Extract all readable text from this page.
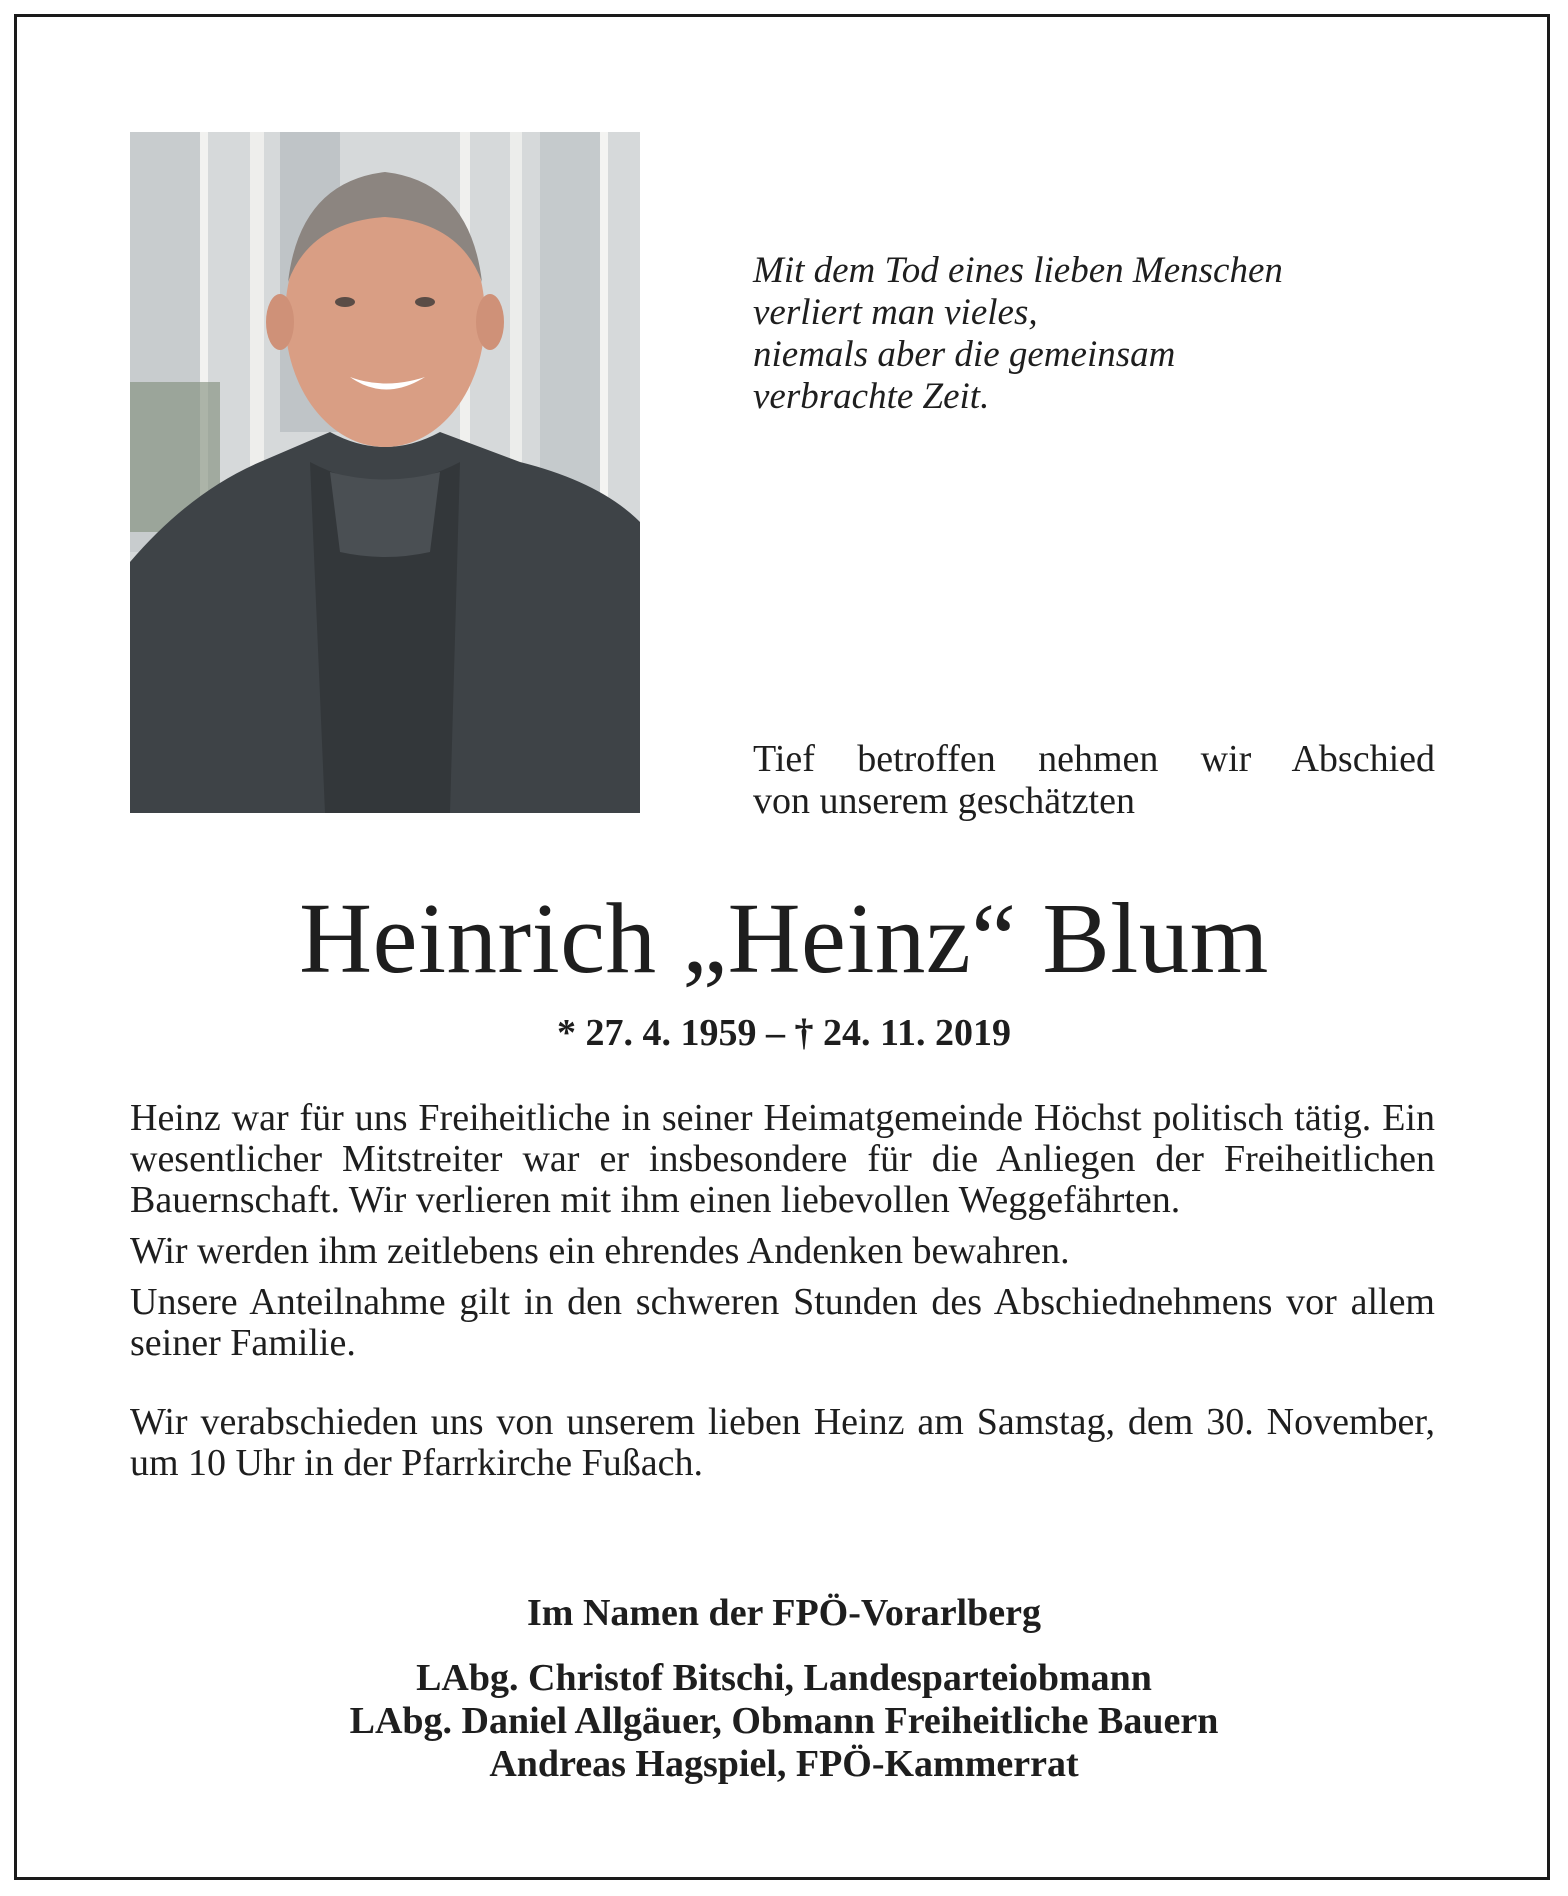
Mit dem Tod eines lieben Menschen
verliert man vieles,
niemals aber die gemeinsam
verbrachte Zeit.
Tief betroffen nehmen wir Abschied
von unserem geschätzten
Heinrich „Heinz“ Blum
* 27. 4. 1959 – † 24. 11. 2019

Heinz war für uns Freiheitliche in seiner Heimatgemeinde Höchst politisch tätig. Ein wesentlicher Mitstreiter war er insbesondere für die Anliegen der Freiheitlichen Bauernschaft. Wir verlieren mit ihm einen liebevollen Weggefährten.

Wir werden ihm zeitlebens ein ehrendes Andenken bewahren.

Unsere Anteilnahme gilt in den schweren Stunden des Abschiednehmens vor allem seiner Familie.

Wir verabschieden uns von unserem lieben Heinz am Samstag, dem 30. November, um 10 Uhr in der Pfarrkirche Fußach.

Im Namen der FPÖ-Vorarlberg
LAbg. Christof Bitschi, Landesparteiobmann
LAbg. Daniel Allgäuer, Obmann Freiheitliche Bauern
Andreas Hagspiel, FPÖ-Kammerrat
